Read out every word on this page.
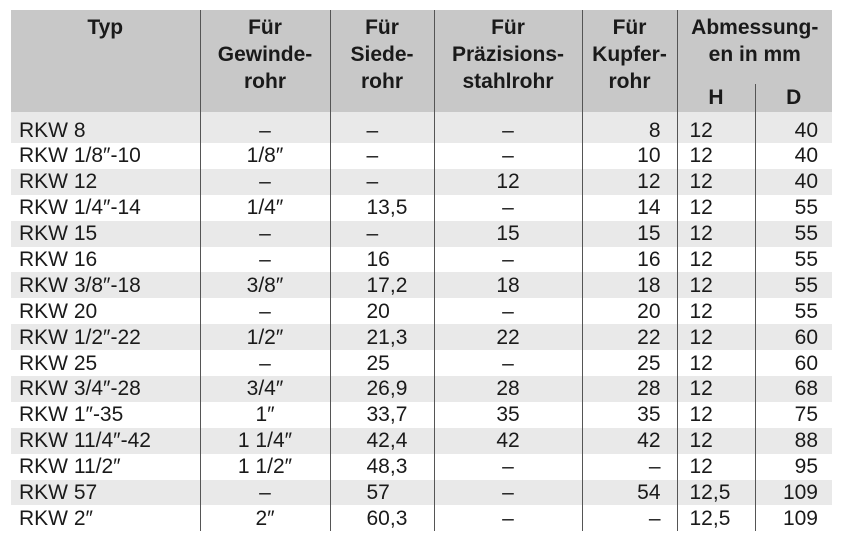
Typ	Für
Gewinde-
rohr	Für
Siede-
rohr	Für
Präzisions-
stahlrohr	Für
Kupfer-
rohr	Abmessung-
en in mm	

					H	D
RKW 8	–	–	–	8	12	40
RKW 1/8″-10	1/8″	–	–	10	12	40
RKW 12	–	–	12	12	12	40
RKW 1/4″-14	1/4″	13,5	–	14	12	55
RKW 15	–	–	15	15	12	55
RKW 16	–	16	–	16	12	55
RKW 3/8″-18	3/8″	17,2	18	18	12	55
RKW 20	–	20	–	20	12	55
RKW 1/2″-22	1/2″	21,3	22	22	12	60
RKW 25	–	25	–	25	12	60
RKW 3/4″-28	3/4″	26,9	28	28	12	68
RKW 1″-35	1″	33,7	35	35	12	75
RKW 11/4″-42	1 1/4″	42,4	42	42	12	88
RKW 11/2″	1 1/2″	48,3	–	–	12	95
RKW 57	–	57	–	54	12,5	109
RKW 2″	2″	60,3	–	–	12,5	109
